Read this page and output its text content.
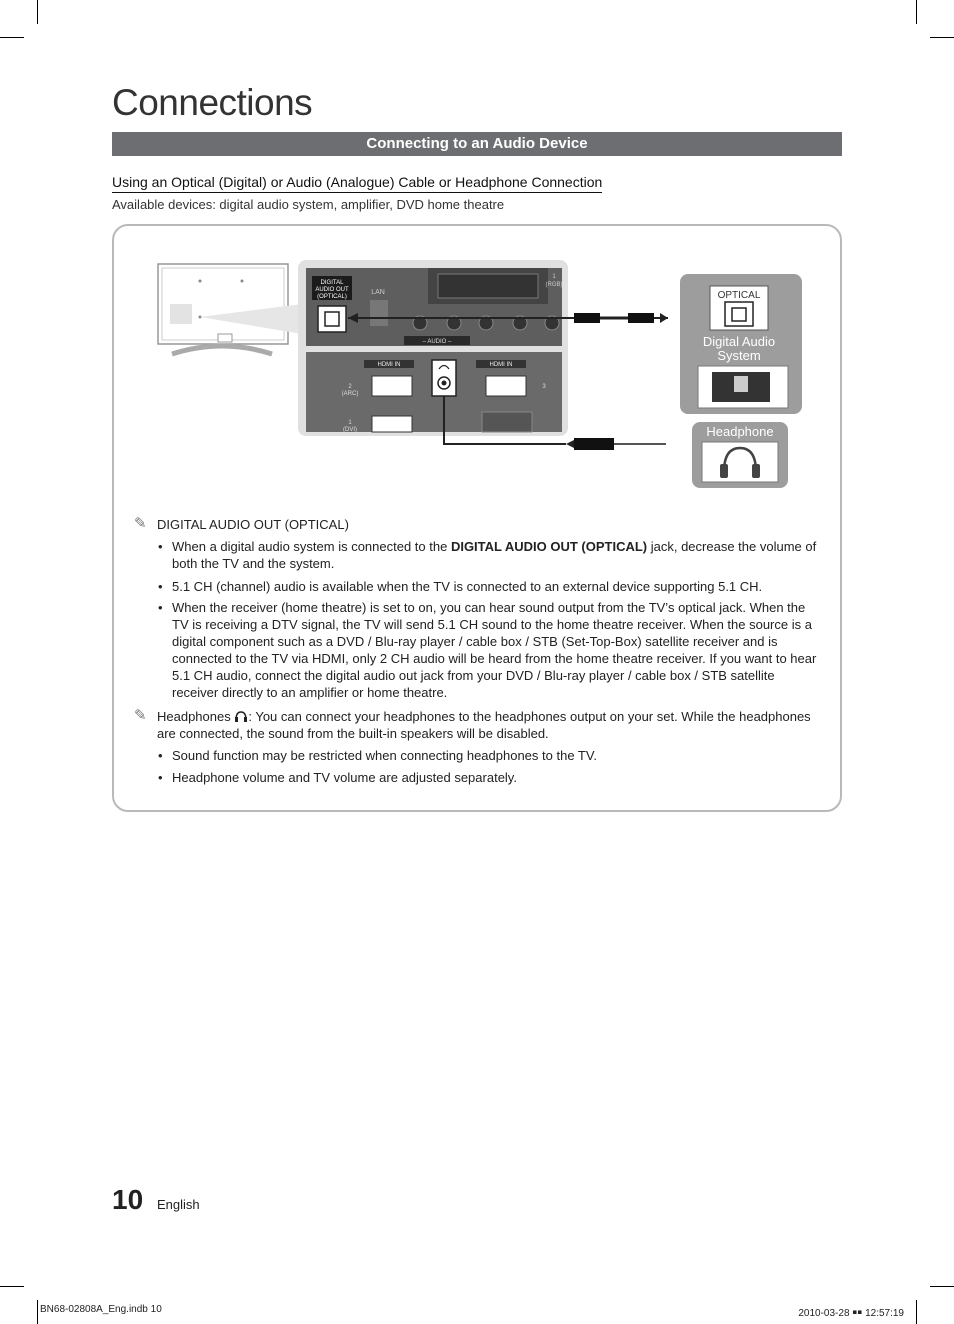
Connections
Connecting to an Audio Device
Using an Optical (Digital) or Audio (Analogue) Cable or Headphone Connection
Available devices: digital audio system, amplifier, DVD home theatre
DIGITAL
AUDIO OUT
(OPTICAL)
LAN
1
(RGB)
– AUDIO –
HDMI IN	HDMI IN
2
(ARC)
1
(DVI)
3
OPTICAL
Digital Audio
System
Headphone
✎ DIGITAL AUDIO OUT (OPTICAL)
• When a digital audio system is connected to the DIGITAL AUDIO OUT (OPTICAL) jack, decrease the volume of both the TV and the system.
• 5.1 CH (channel) audio is available when the TV is connected to an external device supporting 5.1 CH.
• When the receiver (home theatre) is set to on, you can hear sound output from the TV’s optical jack. When the TV is receiving a DTV signal, the TV will send 5.1 CH sound to the home theatre receiver. When the source is a digital component such as a DVD / Blu-ray player / cable box / STB (Set-Top-Box) satellite receiver and is connected to the TV via HDMI, only 2 CH audio will be heard from the home theatre receiver. If you want to hear 5.1 CH audio, connect the digital audio out jack from your DVD / Blu-ray player / cable box / STB satellite receiver directly to an amplifier or home theatre.
✎ Headphones : You can connect your headphones to the headphones output on your set. While the headphones are connected, the sound from the built-in speakers will be disabled.
• Sound function may be restricted when connecting headphones to the TV.
• Headphone volume and TV volume are adjusted separately.
10 English
BN68-02808A_Eng.indb 10	2010-03-28 ￭￭ 12:57:19
